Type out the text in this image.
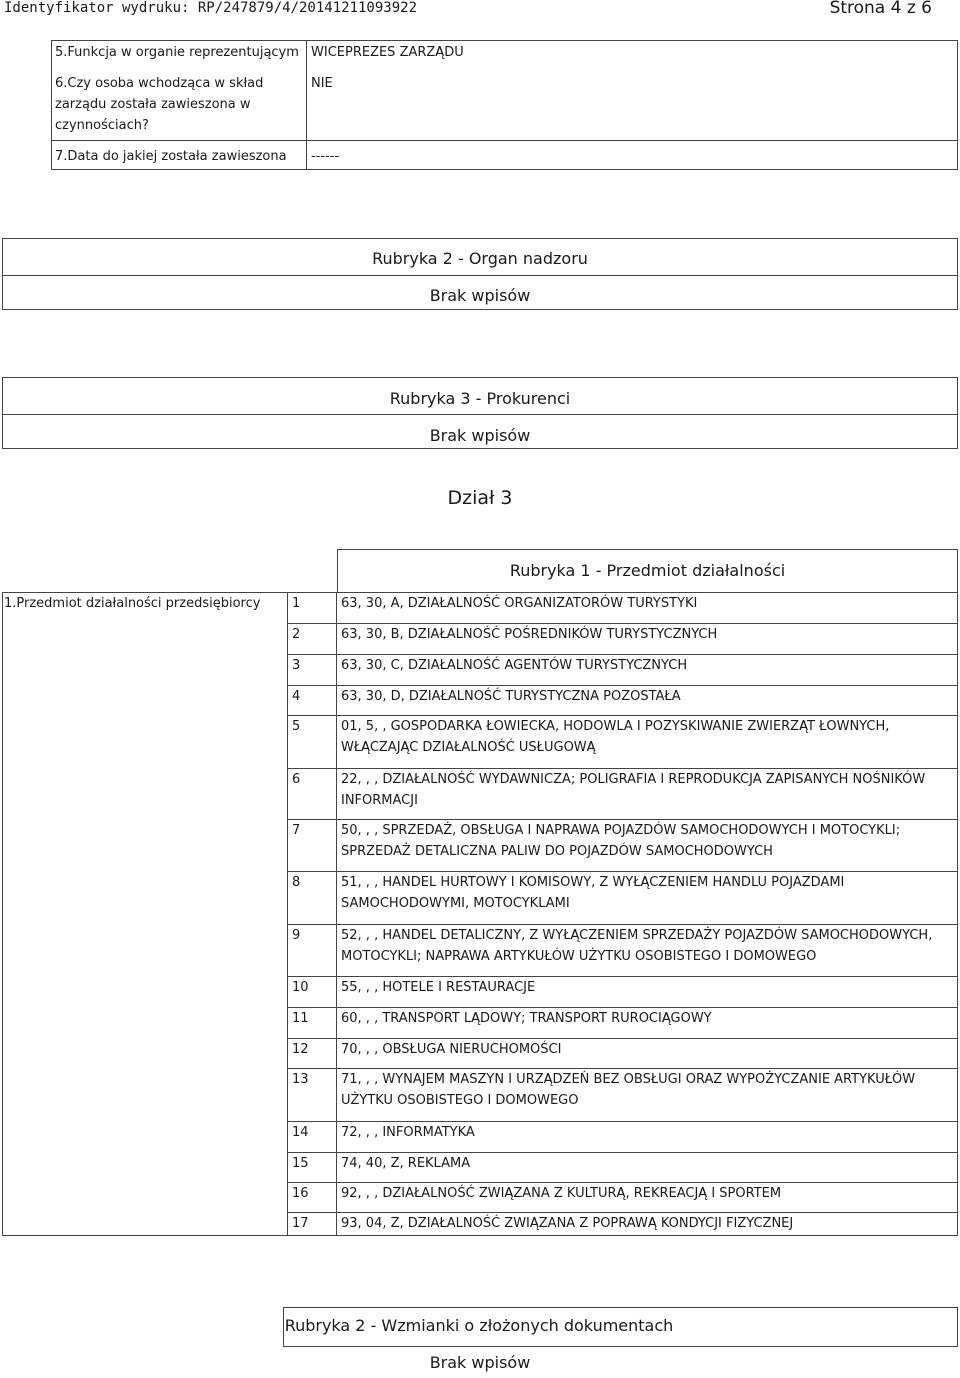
Identyfikator wydruku: RP/247879/4/20141211093922	Strona 4 z 6
5.Funkcja w organie reprezentującym WICEPREZES ZARZĄDU
6.Czy osoba wchodząca w skład zarządu została zawieszona w czynnościach?
NIE
7.Data do jakiej została zawieszona	------
Rubryka 2 - Organ nadzoru
Brak wpisów
Rubryka 3 - Prokurenci
Brak wpisów
Dział 3
Rubryka 1 - Przedmiot działalności
1.Przedmiot działalności przedsiębiorcy	1	63, 30, A, DZIAŁALNOŚĆ ORGANIZATORÓW TURYSTYKI
2	63, 30, B, DZIAŁALNOŚĆ POŚREDNIKÓW TURYSTYCZNYCH
3	63, 30, C, DZIAŁALNOŚĆ AGENTÓW TURYSTYCZNYCH
4	63, 30, D, DZIAŁALNOŚĆ TURYSTYCZNA POZOSTAŁA
5	01, 5, , GOSPODARKA ŁOWIECKA, HODOWLA I POZYSKIWANIE ZWIERZĄT ŁOWNYCH, WŁĄCZAJĄC DZIAŁALNOŚĆ USŁUGOWĄ
6	22, , , DZIAŁALNOŚĆ WYDAWNICZA; POLIGRAFIA I REPRODUKCJA ZAPISANYCH NOŚNIKÓW INFORMACJI
7	50, , , SPRZEDAŻ, OBSŁUGA I NAPRAWA POJAZDÓW SAMOCHODOWYCH I MOTOCYKLI; SPRZEDAŻ DETALICZNA PALIW DO POJAZDÓW SAMOCHODOWYCH
8	51, , , HANDEL HURTOWY I KOMISOWY, Z WYŁĄCZENIEM HANDLU POJAZDAMI SAMOCHODOWYMI, MOTOCYKLAMI
9	52, , , HANDEL DETALICZNY, Z WYŁĄCZENIEM SPRZEDAŻY POJAZDÓW SAMOCHODOWYCH, MOTOCYKLI; NAPRAWA ARTYKUŁÓW UŻYTKU OSOBISTEGO I DOMOWEGO
10 55, , , HOTELE I RESTAURACJE
11 60, , , TRANSPORT LĄDOWY; TRANSPORT RUROCIĄGOWY
12 70, , , OBSŁUGA NIERUCHOMOŚCI
13 71, , , WYNAJEM MASZYN I URZĄDZEŃ BEZ OBSŁUGI ORAZ WYPOŻYCZANIE ARTYKUŁÓW UŻYTKU OSOBISTEGO I DOMOWEGO
14 72, , , INFORMATYKA
15 74, 40, Z, REKLAMA
16 92, , , DZIAŁALNOŚĆ ZWIĄZANA Z KULTURĄ, REKREACJĄ I SPORTEM
17 93, 04, Z, DZIAŁALNOŚĆ ZWIĄZANA Z POPRAWĄ KONDYCJI FIZYCZNEJ
Rubryka 2 - Wzmianki o złożonych dokumentach
Brak wpisów
